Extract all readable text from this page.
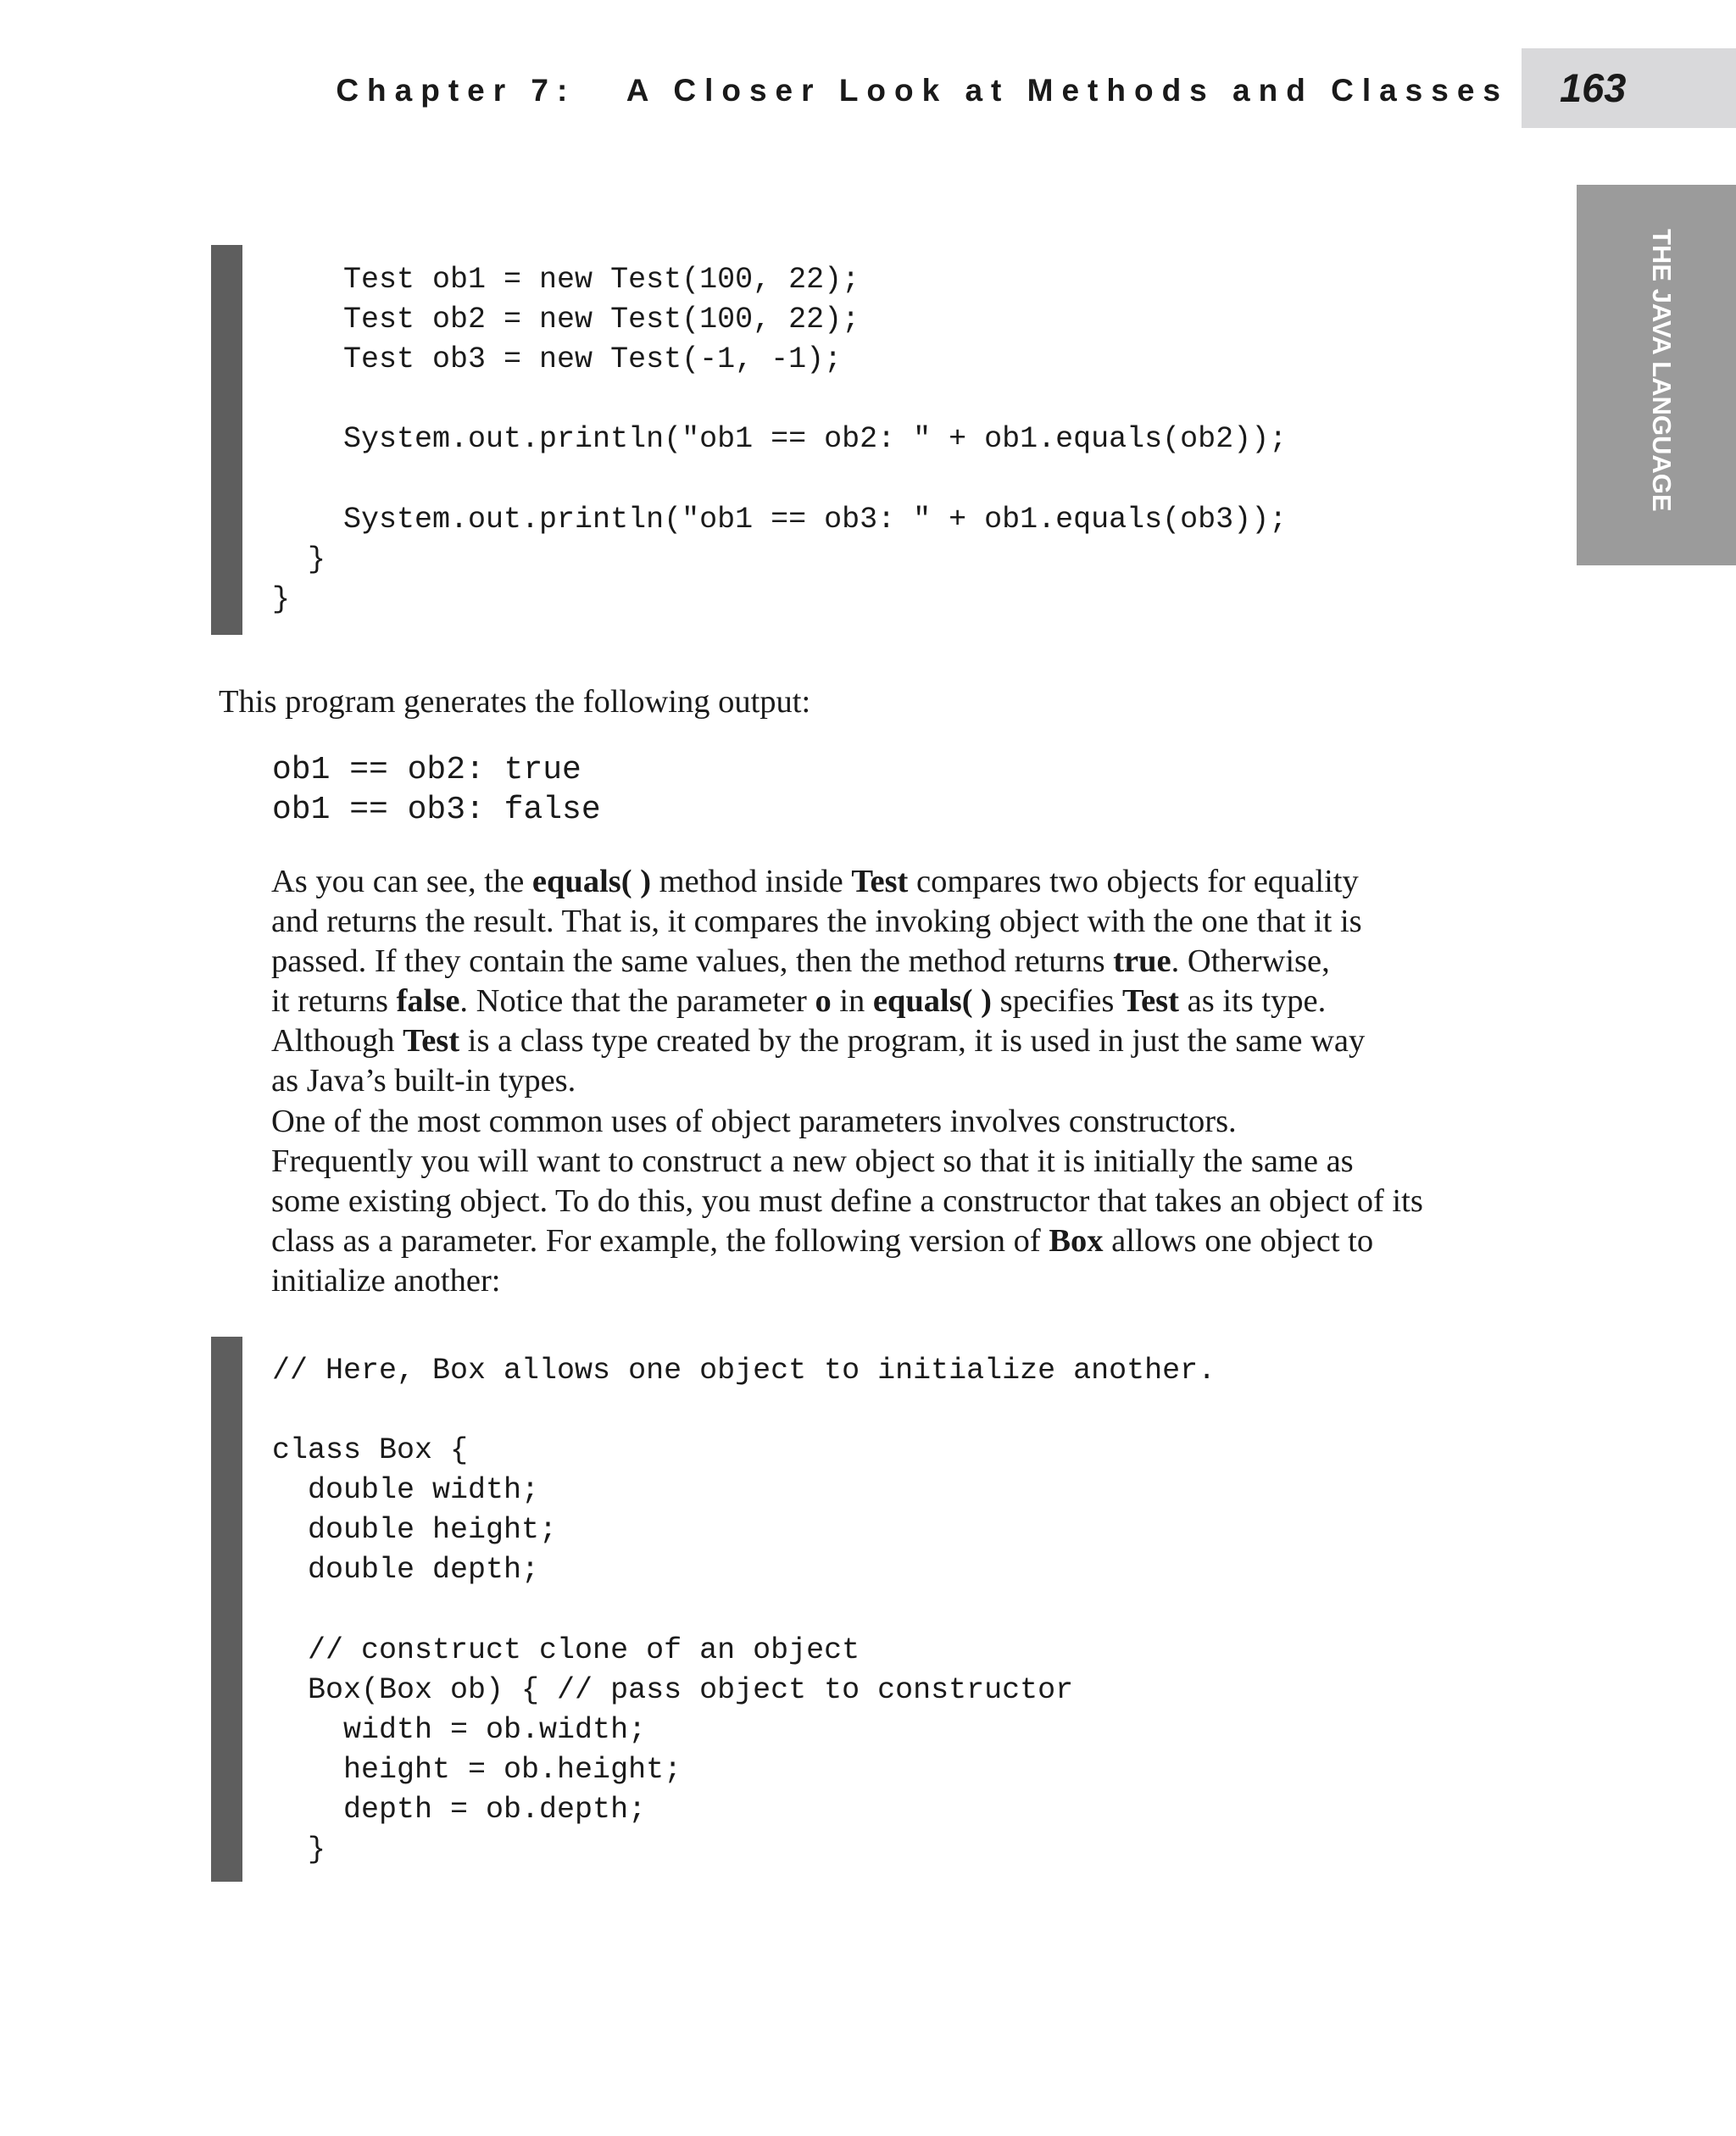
Chapter 7:   A Closer Look at Methods and Classes 163
THE JAVA LANGUAGE
Test ob1 = new Test(100, 22);
Test ob2 = new Test(100, 22);
Test ob3 = new Test(-1, -1);

System.out.println("ob1 == ob2: " + ob1.equals(ob2));

System.out.println("ob1 == ob3: " + ob1.equals(ob3));
}
}

This program generates the following output:

ob1 == ob2: true
ob1 == ob3: false

As you can see, the equals( ) method inside Test compares two objects for equality
and returns the result. That is, it compares the invoking object with the one that it is
passed. If they contain the same values, then the method returns true. Otherwise,
it returns false. Notice that the parameter o in equals( ) specifies Test as its type.
Although Test is a class type created by the program, it is used in just the same way
as Java’s built-in types.

One of the most common uses of object parameters involves constructors.
Frequently you will want to construct a new object so that it is initially the same as
some existing object. To do this, you must define a constructor that takes an object of its
class as a parameter. For example, the following version of Box allows one object to
initialize another:

// Here, Box allows one object to initialize another.

class Box {
double width;
double height;
double depth;

// construct clone of an object
Box(Box ob) { // pass object to constructor
width = ob.width;
height = ob.height;
depth = ob.depth;
}
